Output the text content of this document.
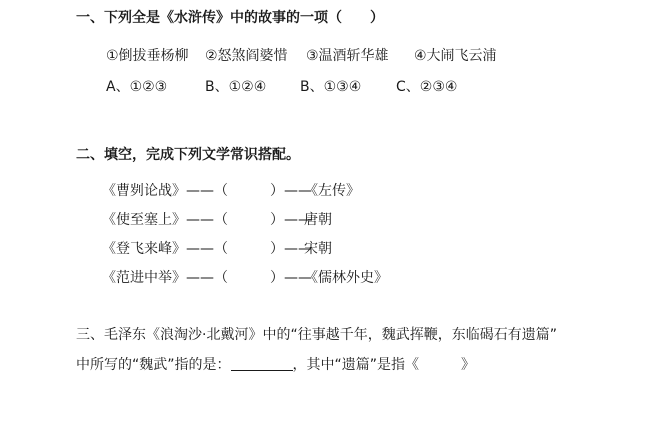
一、下列全是《水浒传》中的故事的一项（　　）
①倒拔垂杨柳 ②怒煞阎婆惜 ③温酒斩华雄 ④大闹飞云浦
A、①②③	B、①②④ B、①③④ C、②③④
二、填空，完成下列文学常识搭配。
《曹刿论战》——（ 　　　）——
《左传》
《使至塞上》——（ 　　　）——
唐朝
《登飞来峰》——（ 　　　）——
宋朝
《范进中举》——（ 　　　）——
《儒林外史》
三、毛泽东《浪淘沙·北戴河》中的“往事越千年，魏武挥鞭，东临碣石有遗篇”
中所写的“魏武”指的是：	，其中“遗篇”是指《　　　》
